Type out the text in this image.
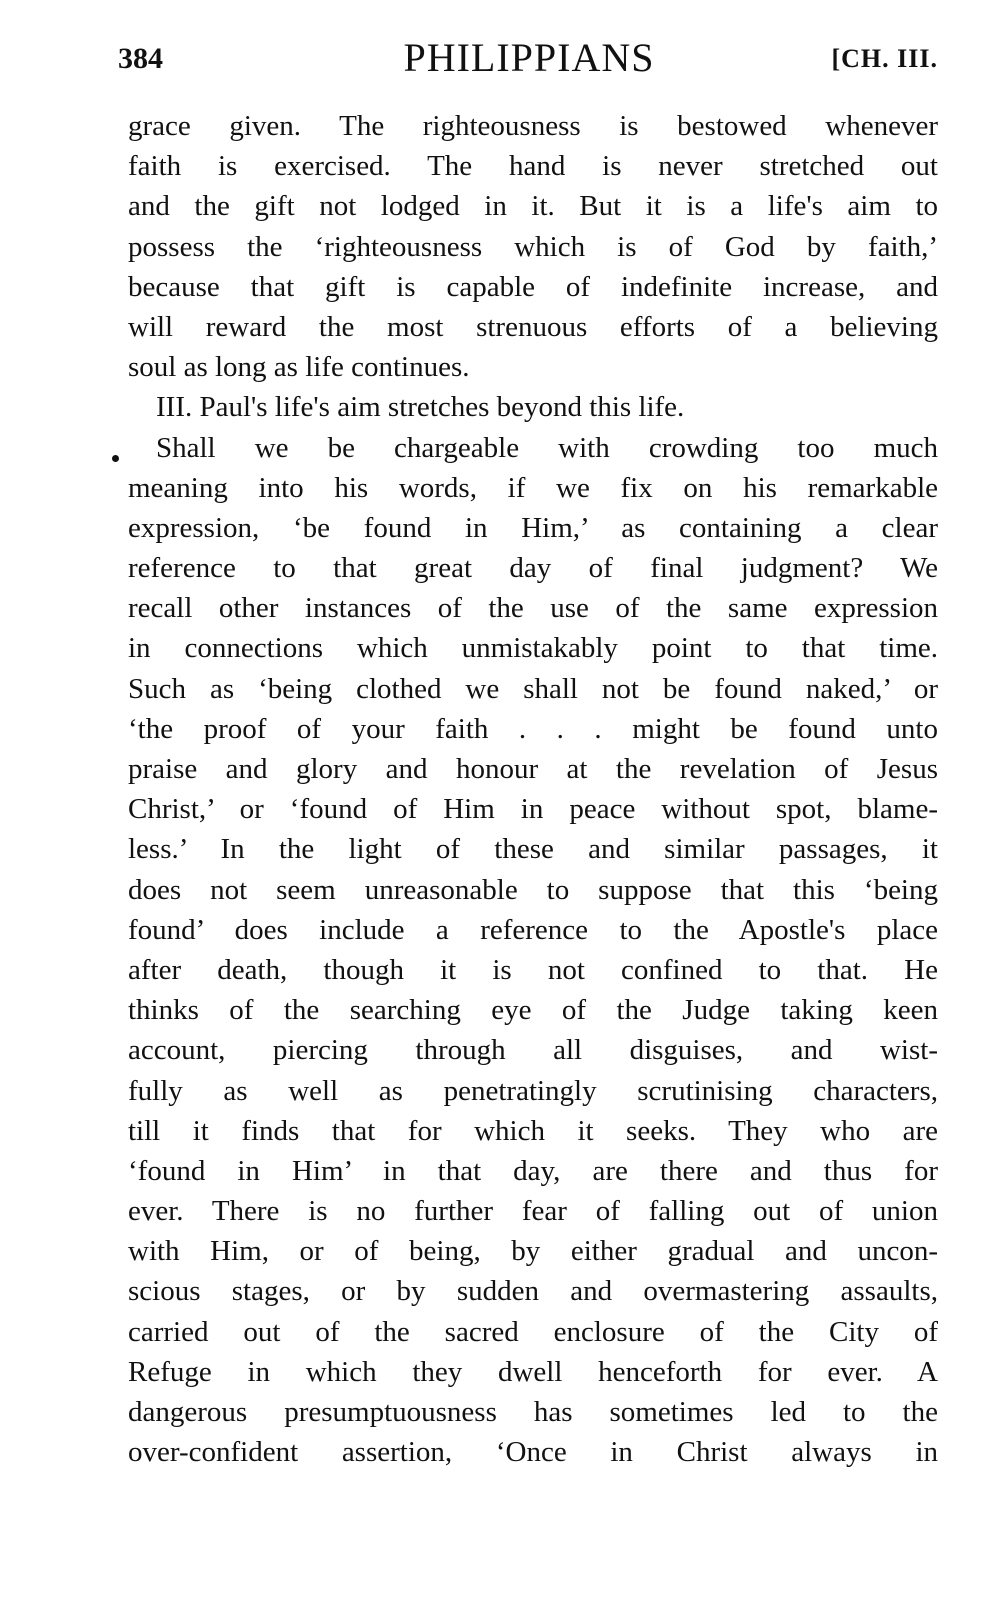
384	PHILIPPIANS	[CH. III.
grace given. The righteousness is bestowed whenever
faith is exercised. The hand is never stretched out
and the gift not lodged in it. But it is a life's aim to
possess the ‘righteousness which is of God by faith,’
because that gift is capable of indefinite increase, and
will reward the most strenuous efforts of a believing
soul as long as life continues.
III. Paul's life's aim stretches beyond this life.
Shall we be chargeable with crowding too much
meaning into his words, if we fix on his remarkable
expression, ‘be found in Him,’ as containing a clear
reference to that great day of final judgment? We
recall other instances of the use of the same expression
in connections which unmistakably point to that time.
Such as ‘being clothed we shall not be found naked,’ or
‘the proof of your faith . . . might be found unto
praise and glory and honour at the revelation of Jesus
Christ,’ or ‘found of Him in peace without spot, blame-
less.’ In the light of these and similar passages, it
does not seem unreasonable to suppose that this ‘being
found’ does include a reference to the Apostle's place
after death, though it is not confined to that. He
thinks of the searching eye of the Judge taking keen
account, piercing through all disguises, and wist-
fully as well as penetratingly scrutinising characters,
till it finds that for which it seeks. They who are
‘found in Him’ in that day, are there and thus for
ever. There is no further fear of falling out of union
with Him, or of being, by either gradual and uncon-
scious stages, or by sudden and overmastering assaults,
carried out of the sacred enclosure of the City of
Refuge in which they dwell henceforth for ever. A
dangerous presumptuousness has sometimes led to the
over-confident assertion, ‘Once in Christ always in
